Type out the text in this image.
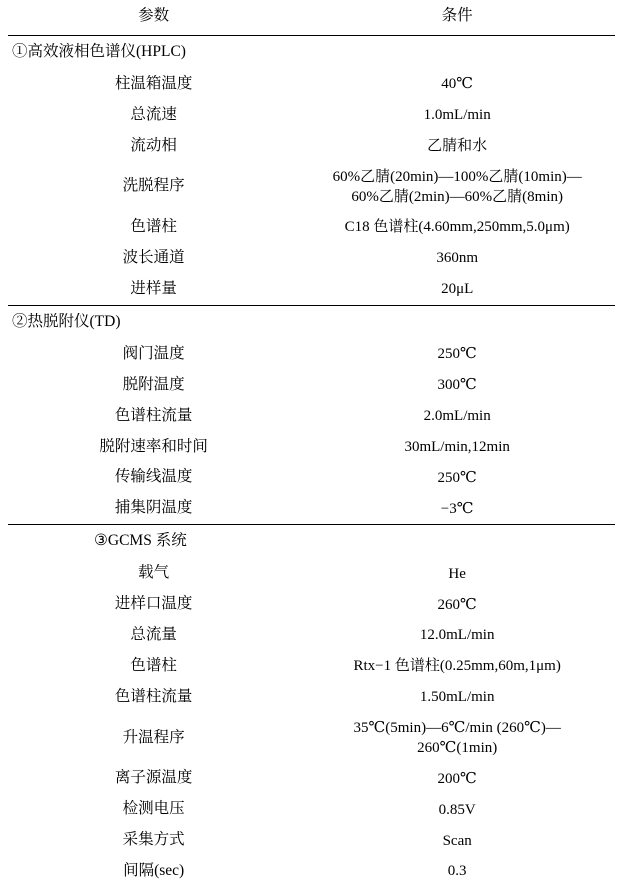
参数	条件

①高效液相色谱仪(HPLC)	
柱温箱温度	40℃

总流速	1.0mL/min

流动相	乙腈和水

洗脱程序	60%乙腈(20min)—100%乙腈(10min)—
60%乙腈(2min)—60%乙腈(8min)

色谱柱	C18 色谱柱(4.60mm,250mm,5.0μm)

波长通道	360nm

进样量	20μL

②热脱附仪(TD)	
阀门温度	250℃

脱附温度	300℃

色谱柱流量	2.0mL/min

脱附速率和时间	30mL/min,12min

传输线温度	250℃

捕集阴温度	−3℃

③GCMS 系统	
载气	He

进样口温度	260℃

总流量	12.0mL/min

色谱柱	Rtx−1 色谱柱(0.25mm,60m,1μm)

色谱柱流量	1.50mL/min

升温程序	35℃(5min)—6℃/min (260℃)—
260℃(1min)

离子源温度	200℃

检测电压	0.85V

采集方式	Scan

间隔(sec)	0.3
